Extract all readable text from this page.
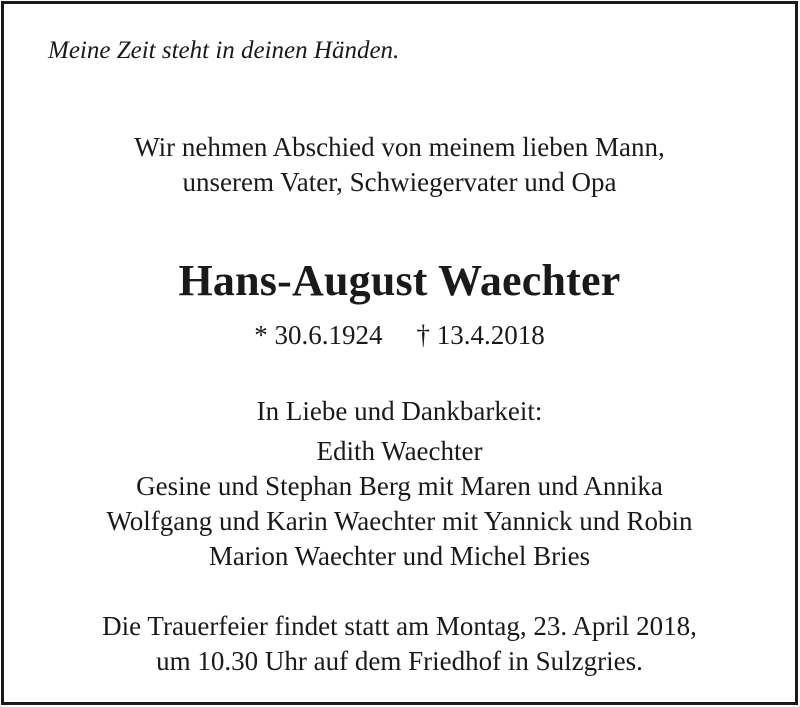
Meine Zeit steht in deinen Händen.
Wir nehmen Abschied von meinem lieben Mann,
unserem Vater, Schwiegervater und Opa
Hans-August Waechter
* 30.6.1924 † 13.4.2018
In Liebe und Dankbarkeit:
Edith Waechter
Gesine und Stephan Berg mit Maren und Annika
Wolfgang und Karin Waechter mit Yannick und Robin
Marion Waechter und Michel Bries
Die Trauerfeier findet statt am Montag, 23. April 2018,
um 10.30 Uhr auf dem Friedhof in Sulzgries.
